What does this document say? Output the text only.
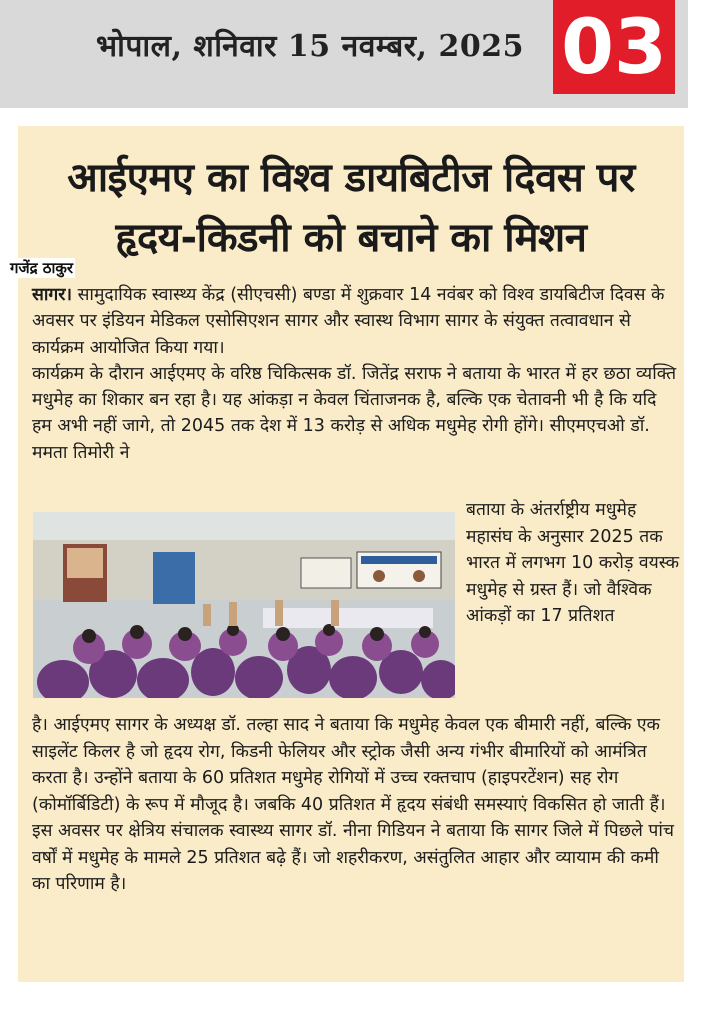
भोपाल, शनिवार 15 नवम्बर, 2025 03
आईएमए का विश्व डायबिटीज दिवस पर
हृदय-किडनी को बचाने का मिशन
गजेंद्र ठाकुर

सागर। सामुदायिक स्वास्थ्य केंद्र (सीएचसी) बण्डा में शुक्रवार 14 नवंबर को विश्व डायबिटीज दिवस के अवसर पर इंडियन मेडिकल एसोसिएशन सागर और स्वास्थ विभाग सागर के संयुक्त तत्वावधान से कार्यक्रम आयोजित किया गया।

कार्यक्रम के दौरान आईएमए के वरिष्ठ चिकित्सक डॉ. जितेंद्र सराफ ने बताया के भारत में हर छठा व्यक्ति मधुमेह का शिकार बन रहा है। यह आंकड़ा न केवल चिंताजनक है, बल्कि एक चेतावनी भी है कि यदि हम अभी नहीं जागे, तो 2045 तक देश में 13 करोड़ से अधिक मधुमेह रोगी होंगे। सीएमएचओ डॉ. ममता तिमोरी ने

बताया के अंतर्राष्ट्रीय मधुमेह महासंघ के अनुसार 2025 तक भारत में लगभग 10 करोड़ वयस्क मधुमेह से ग्रस्त हैं। जो वैश्विक आंकड़ों का 17 प्रतिशत

है। आईएमए सागर के अध्यक्ष डॉ. तल्हा साद ने बताया कि मधुमेह केवल एक बीमारी नहीं, बल्कि एक साइलेंट किलर है जो हृदय रोग, किडनी फेलियर और स्ट्रोक जैसी अन्य गंभीर बीमारियों को आमंत्रित करता है। उन्होंने बताया के 60 प्रतिशत मधुमेह रोगियों में उच्च रक्तचाप (हाइपरटेंशन) सह रोग (कोमॉर्बिडिटी) के रूप में मौजूद है। जबकि 40 प्रतिशत में हृदय संबंधी समस्याएं विकसित हो जाती हैं। इस अवसर पर क्षेत्रिय संचालक स्वास्थ्य सागर डॉ. नीना गिडियन ने बताया कि सागर जिले में पिछले पांच वर्षों में मधुमेह के मामले 25 प्रतिशत बढ़े हैं। जो शहरीकरण, असंतुलित आहार और व्यायाम की कमी का परिणाम है।
